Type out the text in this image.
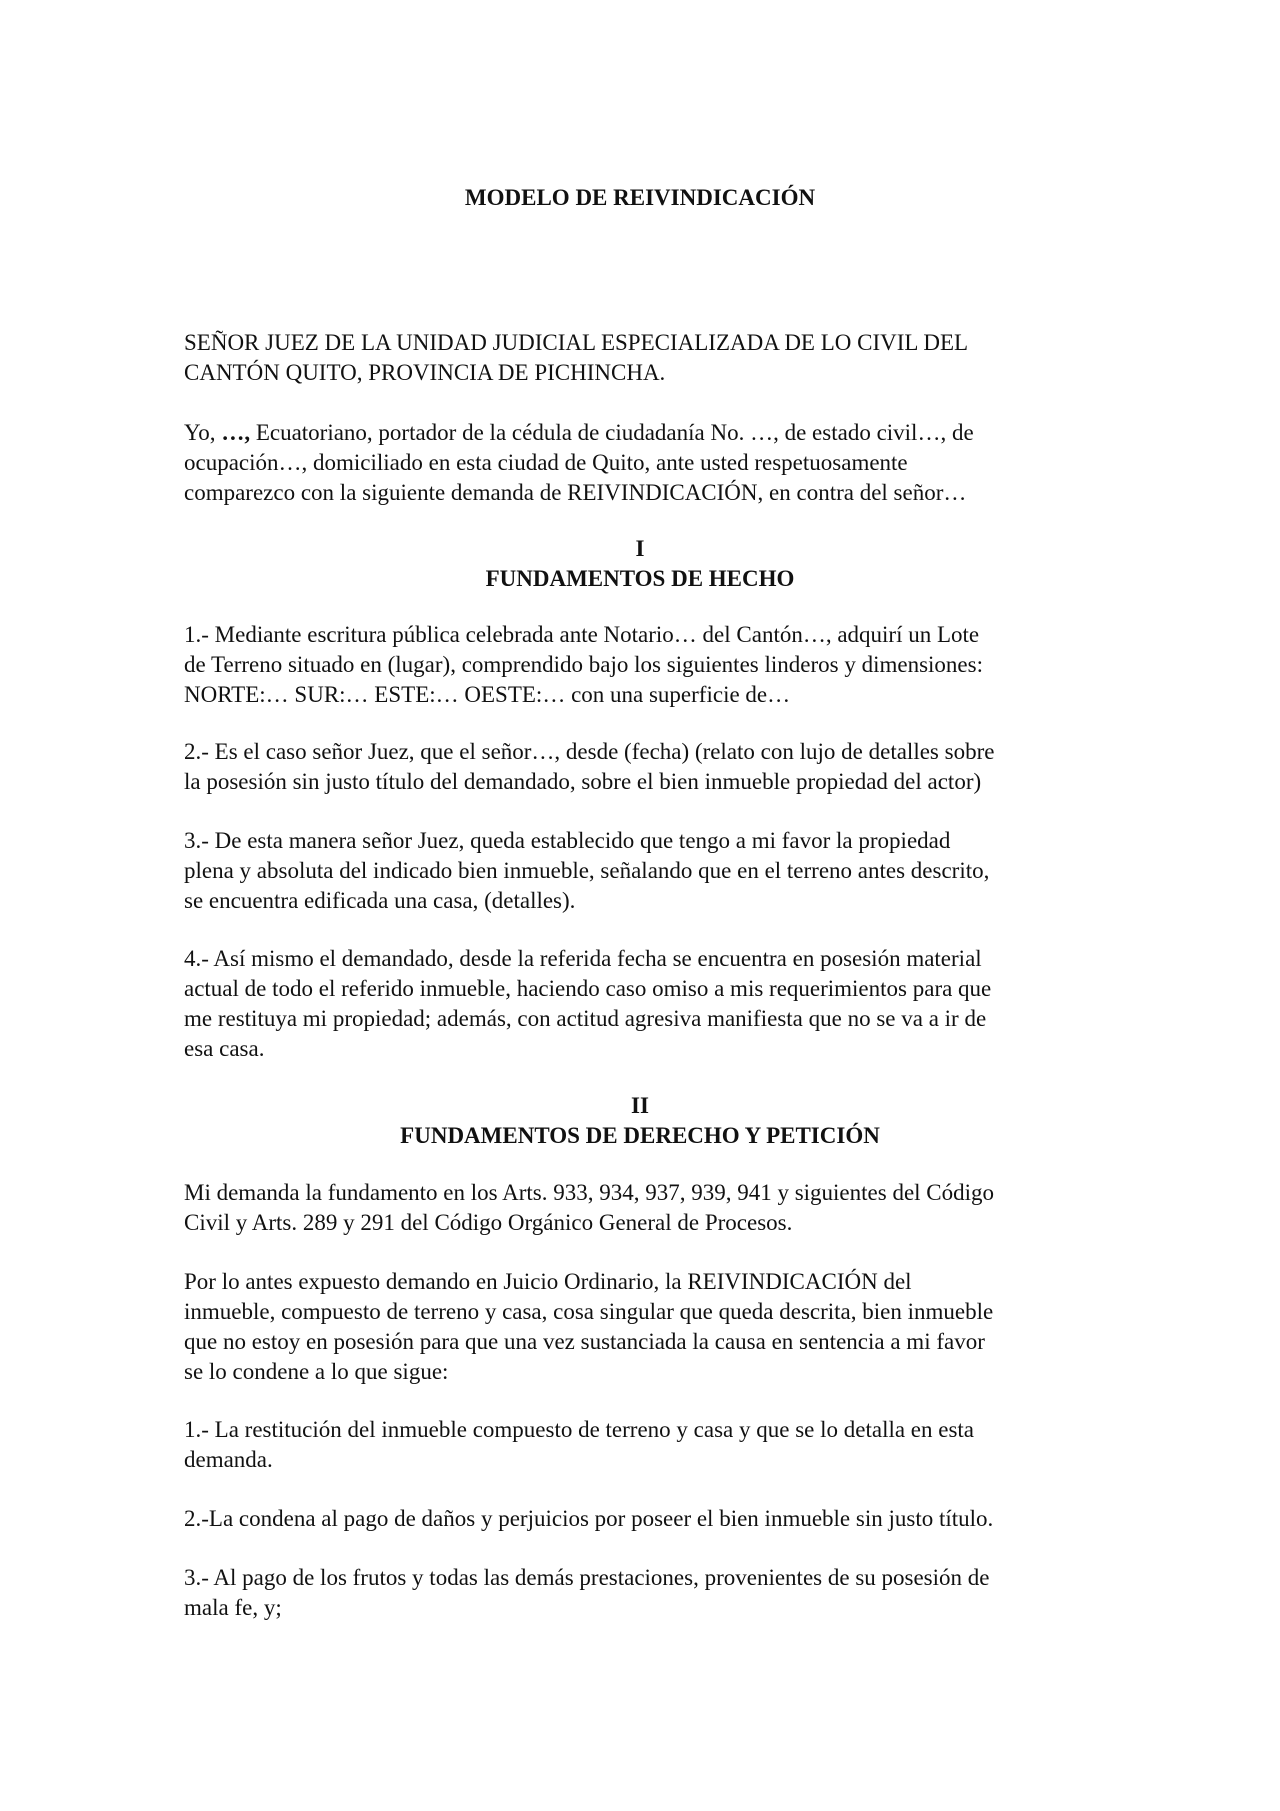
MODELO DE REIVINDICACIÓN
SEÑOR JUEZ DE LA UNIDAD JUDICIAL ESPECIALIZADA DE LO CIVIL DEL
CANTÓN QUITO, PROVINCIA DE PICHINCHA.
Yo, …, Ecuatoriano, portador de la cédula de ciudadanía No. …, de estado civil…, de
ocupación…, domiciliado en esta ciudad de Quito, ante usted respetuosamente
comparezco con la siguiente demanda de REIVINDICACIÓN, en contra del señor…
I
FUNDAMENTOS DE HECHO
1.- Mediante escritura pública celebrada ante Notario… del Cantón…, adquirí un Lote
de Terreno situado en (lugar), comprendido bajo los siguientes linderos y dimensiones:
NORTE:… SUR:… ESTE:… OESTE:… con una superficie de…
2.- Es el caso señor Juez, que el señor…, desde (fecha) (relato con lujo de detalles sobre
la posesión sin justo título del demandado, sobre el bien inmueble propiedad del actor)
3.- De esta manera señor Juez, queda establecido que tengo a mi favor la propiedad
plena y absoluta del indicado bien inmueble, señalando que en el terreno antes descrito,
se encuentra edificada una casa, (detalles).
4.- Así mismo el demandado, desde la referida fecha se encuentra en posesión material
actual de todo el referido inmueble, haciendo caso omiso a mis requerimientos para que
me restituya mi propiedad; además, con actitud agresiva manifiesta que no se va a ir de
esa casa.
II
FUNDAMENTOS DE DERECHO Y PETICIÓN
Mi demanda la fundamento en los Arts. 933, 934, 937, 939, 941 y siguientes del Código
Civil y Arts. 289 y 291 del Código Orgánico General de Procesos.
Por lo antes expuesto demando en Juicio Ordinario, la REIVINDICACIÓN del
inmueble, compuesto de terreno y casa, cosa singular que queda descrita, bien inmueble
que no estoy en posesión para que una vez sustanciada la causa en sentencia a mi favor
se lo condene a lo que sigue:
1.- La restitución del inmueble compuesto de terreno y casa y que se lo detalla en esta
demanda.
2.-La condena al pago de daños y perjuicios por poseer el bien inmueble sin justo título.
3.- Al pago de los frutos y todas las demás prestaciones, provenientes de su posesión de
mala fe, y;
